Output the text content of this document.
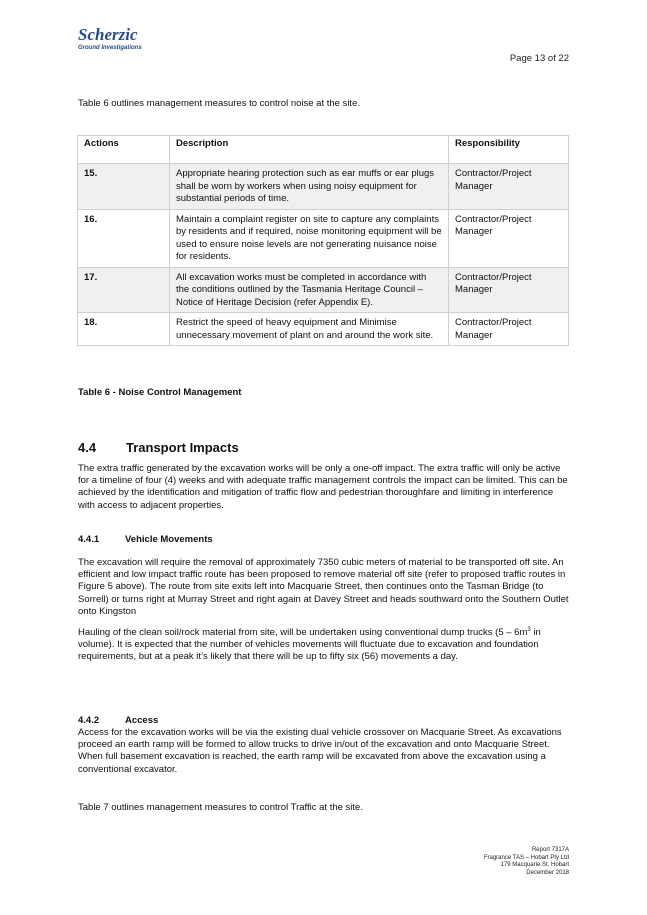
Scherzic
Ground Investigations
Page 13 of 22
Table 6 outlines management measures to control noise at the site.
Actions	Description	Responsibility
15.	Appropriate hearing protection such as ear muffs or ear plugs shall be worn by workers when using noisy equipment for substantial periods of time.	Contractor/Project Manager
16.	Maintain a complaint register on site to capture any complaints by residents and if required, noise monitoring equipment will be used to ensure noise levels are not generating nuisance noise for residents.	Contractor/Project Manager
17.	All excavation works must be completed in accordance with the conditions outlined by the Tasmania Heritage Council – Notice of Heritage Decision (refer Appendix E).	Contractor/Project Manager
18.	Restrict the speed of heavy equipment and Minimise unnecessary movement of plant on and around the work site.	Contractor/Project Manager
Table 6 - Noise Control Management
4.4 Transport Impacts

The extra traffic generated by the excavation works will be only a one-off impact. The extra traffic will only be active for a timeline of four (4) weeks and with adequate traffic management controls the impact can be limited. This can be achieved by the identification and mitigation of traffic flow and pedestrian thoroughfare and limiting in interference with access to adjacent properties.

4.4.1	Vehicle Movements

The excavation will require the removal of approximately 7350 cubic meters of material to be transported off site. An efficient and low impact traffic route has been proposed to remove material off site (refer to proposed traffic routes in Figure 5 above). The route from site exits left into Macquarie Street, then continues onto the Tasman Bridge (to Sorrell) or turns right at Murray Street and right again at Davey Street and heads southward onto the Southern Outlet onto Kingston

Hauling of the clean soil/rock material from site, will be undertaken using conventional dump trucks ($5 - 6m^3$ in volume). It is expected that the number of vehicles movements will fluctuate due to excavation and foundation requirements, but at a peak it’s likely that there will be up to fifty six (56) movements a day.

4.4.2	Access

Access for the excavation works will be via the existing dual vehicle crossover on Macquarie Street. As excavations proceed an earth ramp will be formed to allow trucks to drive in/out of the excavation and onto Macquarie Street. When full basement excavation is reached, the earth ramp will be excavated from above the excavation using a conventional excavator.

Table 7 outlines management measures to control Traffic at the site.
Report 7317A
Fragrance TAS – Hobart Pty Ltd
179 Macquarie St, Hobart
December 2018
